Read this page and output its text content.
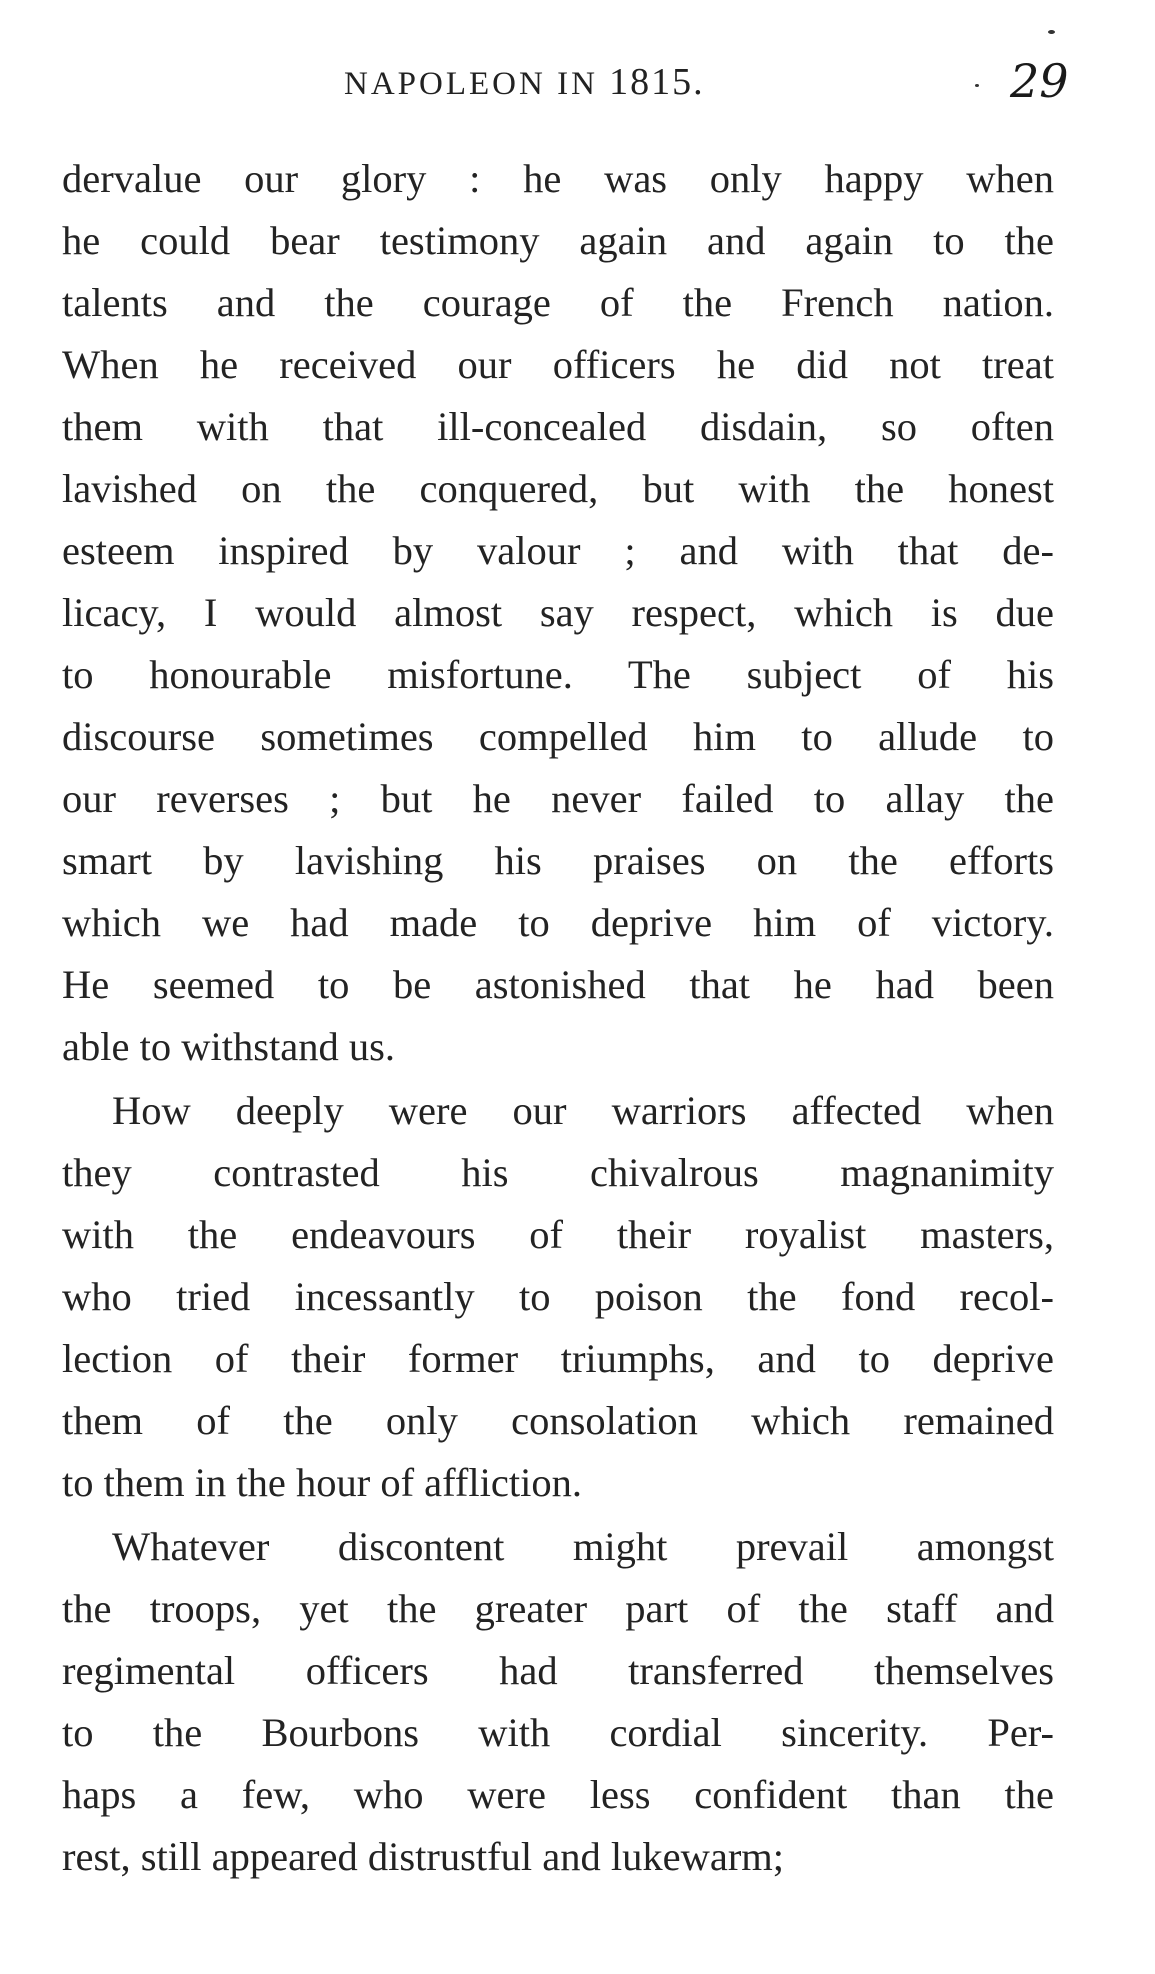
NAPOLEON IN 1815.	29
dervalue our glory : he was only happy when
he could bear testimony again and again to the
talents and the courage of the French nation.
When he received our officers he did not treat
them with that ill-concealed disdain, so often
lavished on the conquered, but with the honest
esteem inspired by valour ; and with that de-
licacy, I would almost say respect, which is due
to honourable misfortune. The subject of his
discourse sometimes compelled him to allude to
our reverses ; but he never failed to allay the
smart by lavishing his praises on the efforts
which we had made to deprive him of victory.
He seemed to be astonished that he had been
able to withstand us.
How deeply were our warriors affected when
they contrasted his chivalrous magnanimity
with the endeavours of their royalist masters,
who tried incessantly to poison the fond recol-
lection of their former triumphs, and to deprive
them of the only consolation which remained
to them in the hour of affliction.
Whatever discontent might prevail amongst
the troops, yet the greater part of the staff and
regimental officers had transferred themselves
to the Bourbons with cordial sincerity. Per-
haps a few, who were less confident than the
rest, still appeared distrustful and lukewarm;
